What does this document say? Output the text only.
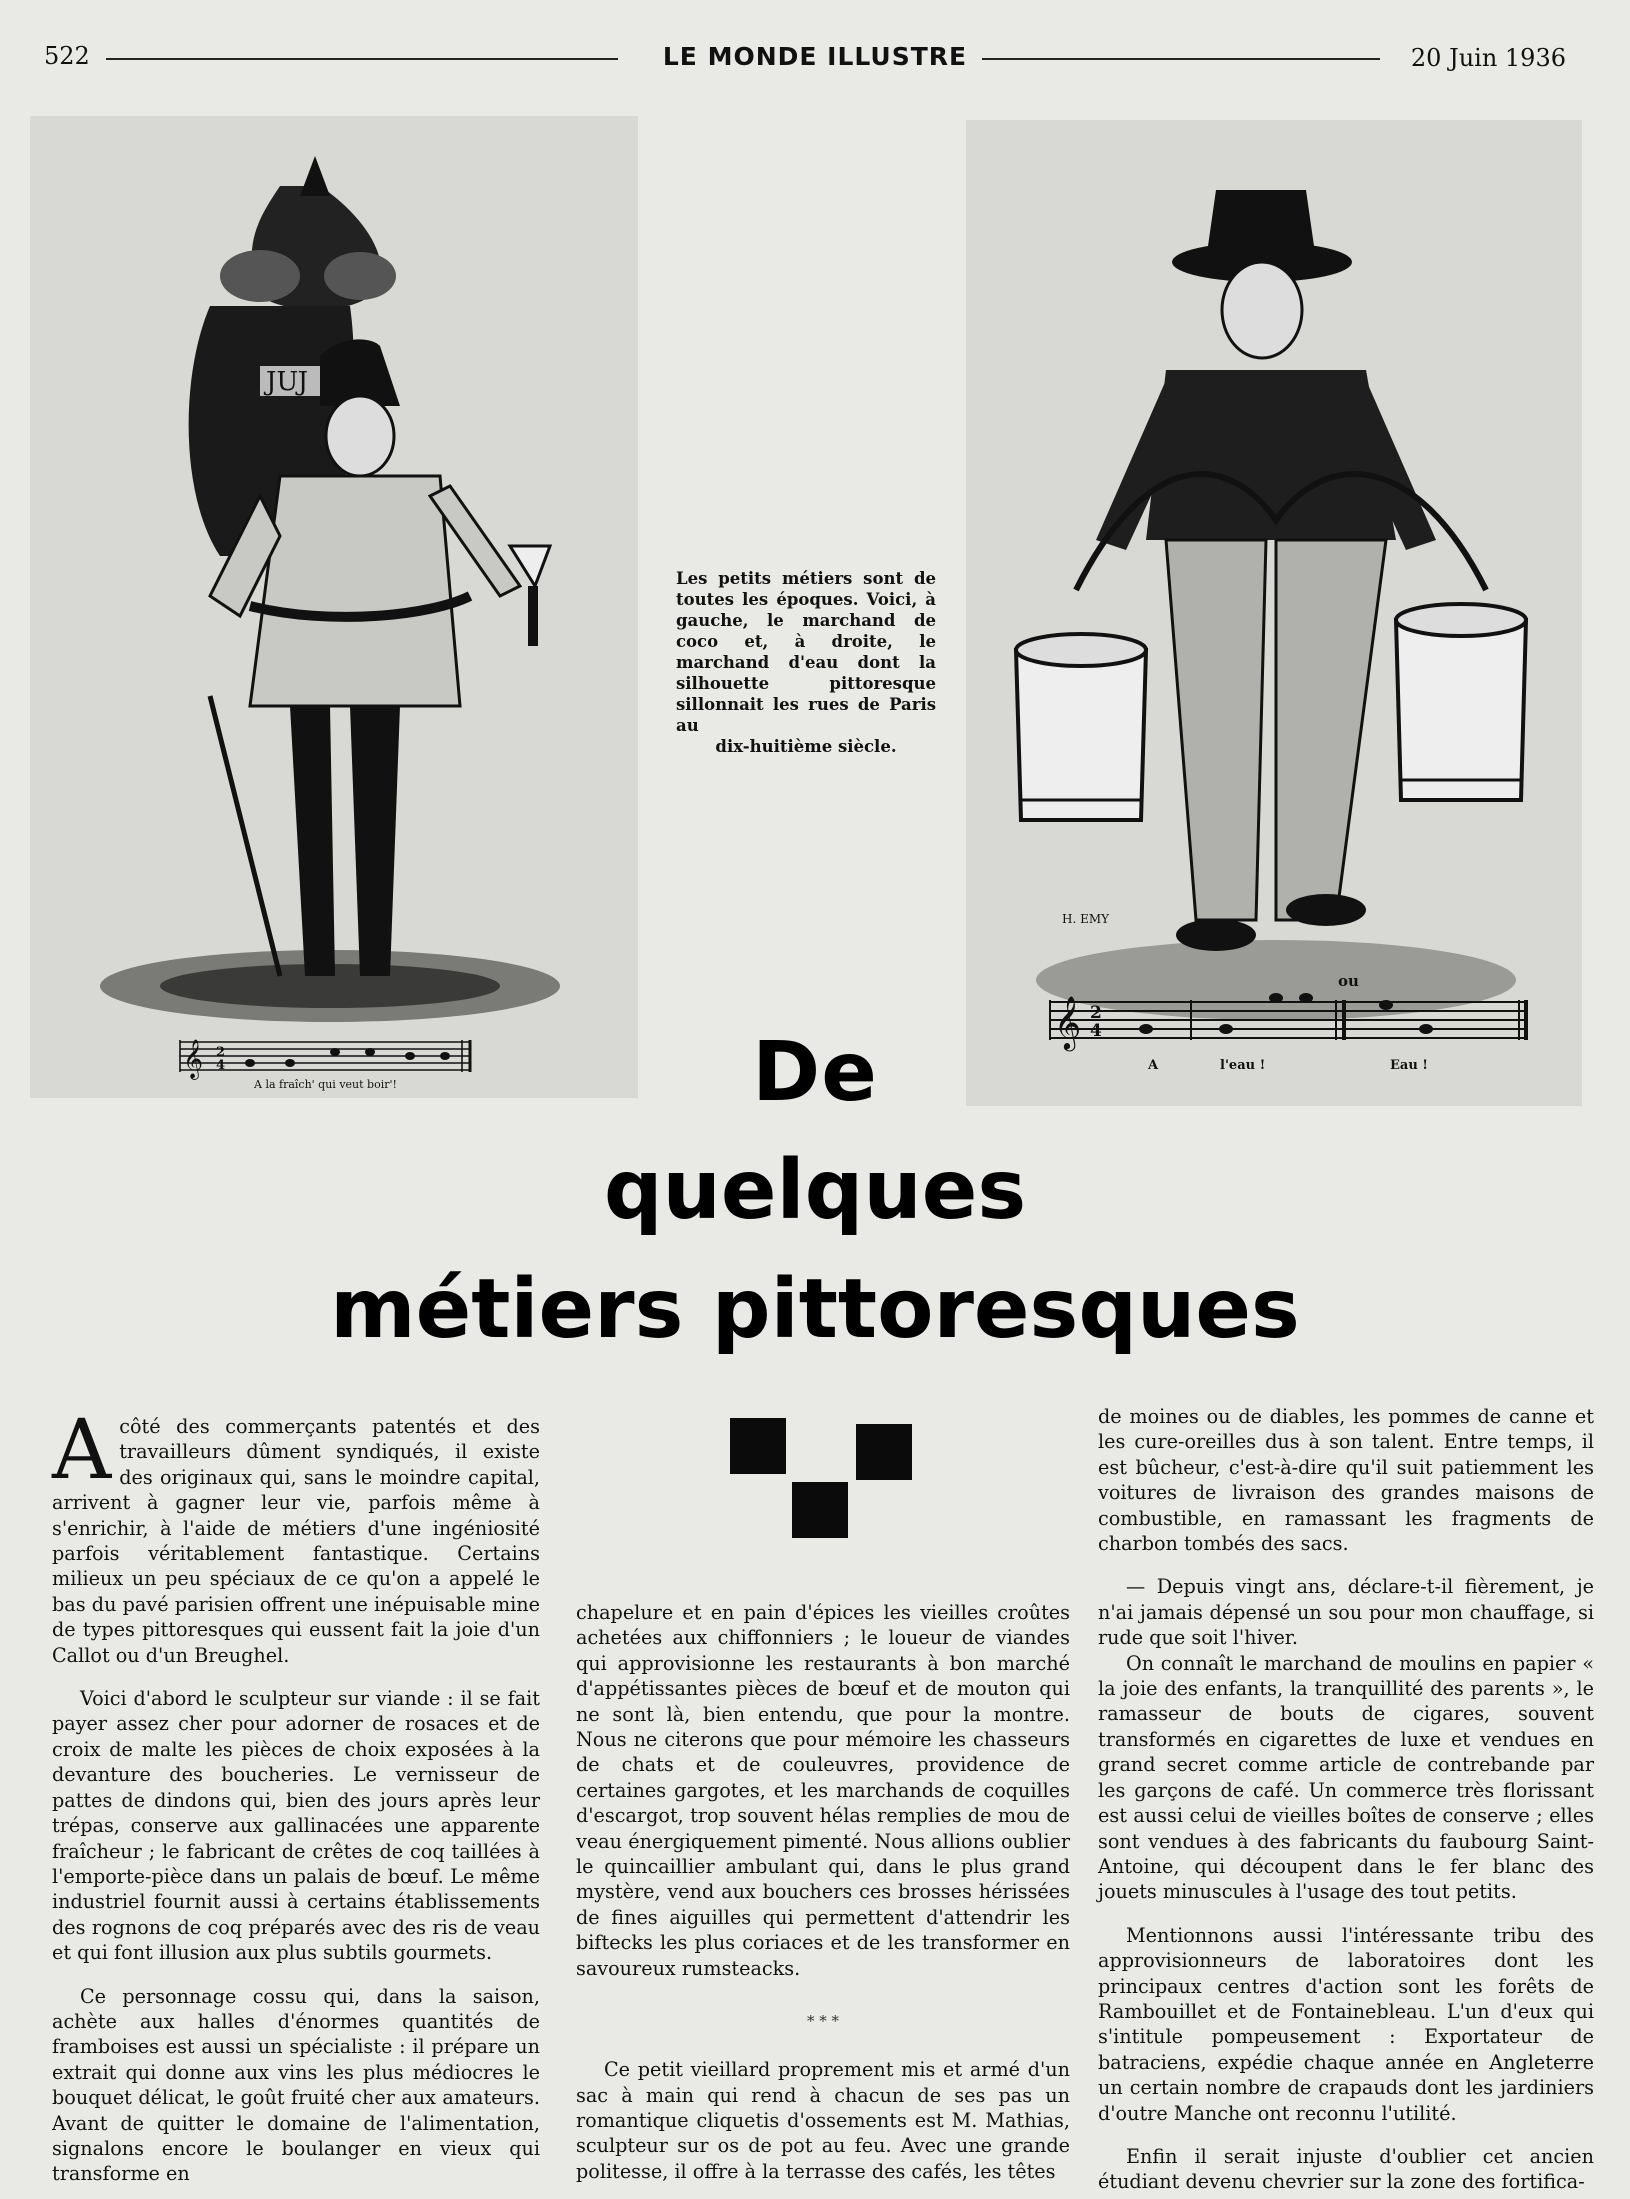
522	LE MONDE ILLUSTRE	20 Juin 1936
JUJ
𝄞 2
4
A la fraîch' qui veut boir'!
Les petits métiers sont de toutes les époques. Voici, à gauche, le marchand de coco et, à droite, le marchand d'eau dont la silhouette pittoresque sillonnait les rues de Paris au
dix-huitième siècle.
H. EMY
𝄞 2
4
ou
A	l'eau !	Eau !
De
quelques
métiers pittoresques

Acôté des commerçants patentés et des travailleurs dûment syndiqués, il existe des originaux qui, sans le moindre capital, arrivent à gagner leur vie, parfois même à s'enrichir, à l'aide de métiers d'une ingéniosité parfois véritablement fantastique. Certains milieux un peu spéciaux de ce qu'on a appelé le bas du pavé parisien offrent une inépuisable mine de types pittoresques qui eussent fait la joie d'un Callot ou d'un Breughel.

Voici d'abord le sculpteur sur viande : il se fait payer assez cher pour adorner de rosaces et de croix de malte les pièces de choix exposées à la devanture des boucheries. Le vernisseur de pattes de dindons qui, bien des jours après leur trépas, conserve aux gallinacées une apparente fraîcheur ; le fabricant de crêtes de coq taillées à l'emporte-pièce dans un palais de bœuf. Le même industriel fournit aussi à certains établissements des rognons de coq préparés avec des ris de veau et qui font illusion aux plus subtils gourmets.

Ce personnage cossu qui, dans la saison, achète aux halles d'énormes quantités de framboises est aussi un spécialiste : il prépare un extrait qui donne aux vins les plus médiocres le bouquet délicat, le goût fruité cher aux amateurs. Avant de quitter le domaine de l'alimentation, signalons encore le boulanger en vieux qui transforme en

chapelure et en pain d'épices les vieilles croûtes achetées aux chiffonniers ; le loueur de viandes qui approvisionne les restaurants à bon marché d'appétissantes pièces de bœuf et de mouton qui ne sont là, bien entendu, que pour la montre. Nous ne citerons que pour mémoire les chasseurs de chats et de couleuvres, providence de certaines gargotes, et les marchands de coquilles d'escargot, trop souvent hélas remplies de mou de veau énergiquement pimenté. Nous allions oublier le quincaillier ambulant qui, dans le plus grand mystère, vend aux bouchers ces brosses hérissées de fines aiguilles qui permettent d'attendrir les biftecks les plus coriaces et de les transformer en savoureux rumsteacks.

* * *

Ce petit vieillard proprement mis et armé d'un sac à main qui rend à chacun de ses pas un romantique cliquetis d'ossements est M. Mathias, sculpteur sur os de pot au feu. Avec une grande politesse, il offre à la terrasse des cafés, les têtes

de moines ou de diables, les pommes de canne et les cure-oreilles dus à son talent. Entre temps, il est bûcheur, c'est-à-dire qu'il suit patiemment les voitures de livraison des grandes maisons de combustible, en ramassant les fragments de charbon tombés des sacs.

— Depuis vingt ans, déclare-t-il fièrement, je n'ai jamais dépensé un sou pour mon chauffage, si rude que soit l'hiver.

On connaît le marchand de moulins en papier « la joie des enfants, la tranquillité des parents », le ramasseur de bouts de cigares, souvent transformés en cigarettes de luxe et vendues en grand secret comme article de contrebande par les garçons de café. Un commerce très florissant est aussi celui de vieilles boîtes de conserve ; elles sont vendues à des fabricants du faubourg Saint-Antoine, qui découpent dans le fer blanc des jouets minuscules à l'usage des tout petits.

Mentionnons aussi l'intéressante tribu des approvisionneurs de laboratoires dont les principaux centres d'action sont les forêts de Rambouillet et de Fontainebleau. L'un d'eux qui s'intitule pompeusement : Exportateur de batraciens, expédie chaque année en Angleterre un certain nombre de crapauds dont les jardiniers d'outre Manche ont reconnu l'utilité.

Enfin il serait injuste d'oublier cet ancien étudiant devenu chevrier sur la zone des fortifica-
